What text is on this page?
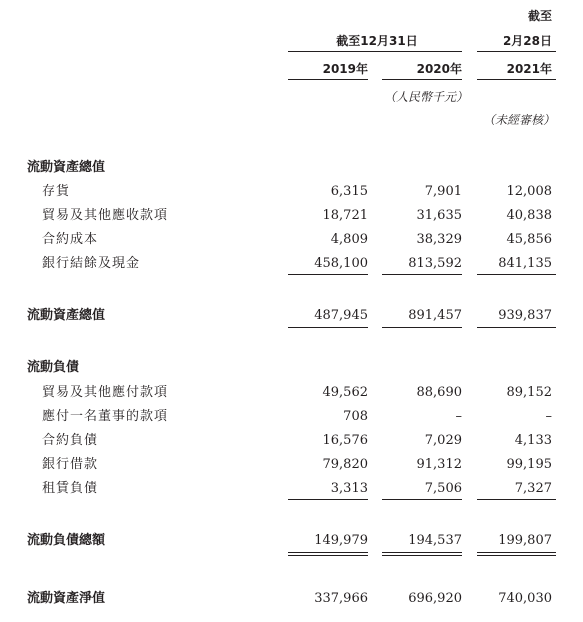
截至
截至12月31日	2月28日
2019年	2020年	2021年
（人民幣千元）
（未經審核）
流動資產總值
存貨	6,315	7,901	12,008
貿易及其他應收款項	18,721	31,635	40,838
合約成本	4,809	38,329	45,856
銀行結餘及現金	458,100	813,592	841,135
流動資產總值	487,945	891,457	939,837
流動負債
貿易及其他應付款項	49,562	88,690	89,152
應付一名董事的款項	708	–	–
合約負債	16,576	7,029	4,133
銀行借款	79,820	91,312	99,195
租賃負債	3,313	7,506	7,327
流動負債總額	149,979	194,537	199,807
流動資產淨值	337,966	696,920	740,030
